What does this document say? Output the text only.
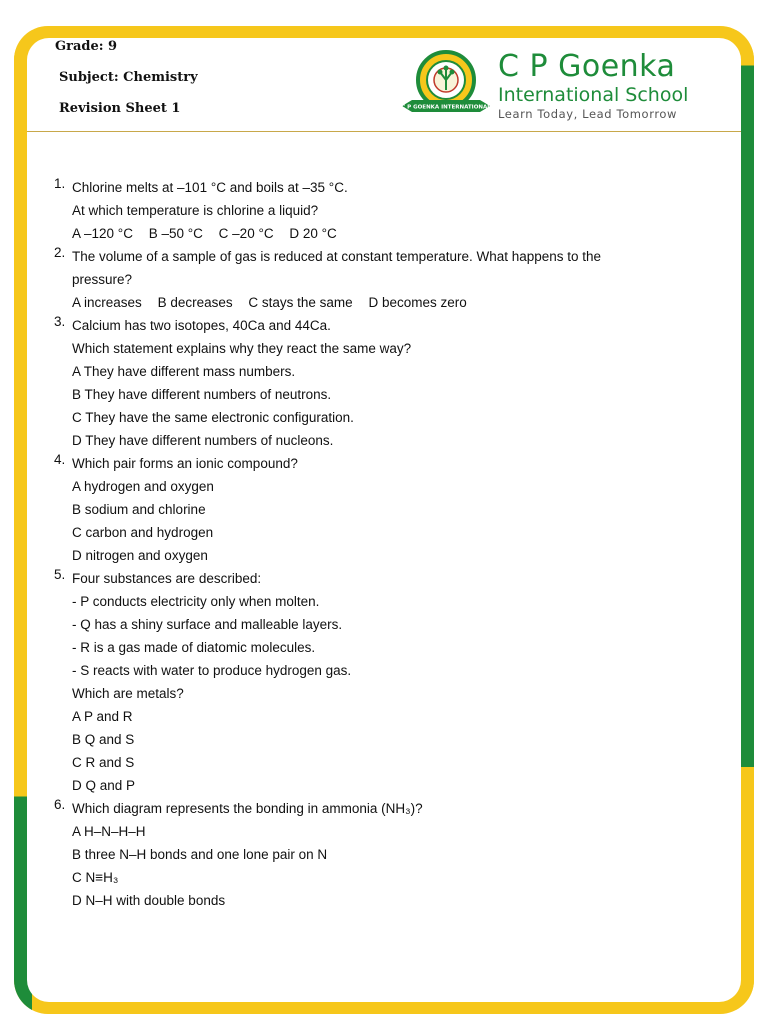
Grade: 9
Subject: Chemistry
Revision Sheet 1	C P GOENKA INTERNATIONAL
C P Goenka
International School
Learn Today, Lead Tomorrow
1. Chlorine melts at –101 °C and boils at –35 °C.
At which temperature is chlorine a liquid?
A –120 °C B –50 °C C –20 °C D 20 °C
2. The volume of a sample of gas is reduced at constant temperature. What happens to the
pressure?
A increases B decreases C stays the same D becomes zero
3. Calcium has two isotopes, 40Ca and 44Ca.
Which statement explains why they react the same way?
A They have different mass numbers.
B They have different numbers of neutrons.
C They have the same electronic configuration.
D They have different numbers of nucleons.
4. Which pair forms an ionic compound?
A hydrogen and oxygen
B sodium and chlorine
C carbon and hydrogen
D nitrogen and oxygen
5. Four substances are described:
- P conducts electricity only when molten.
- Q has a shiny surface and malleable layers.
- R is a gas made of diatomic molecules.
- S reacts with water to produce hydrogen gas.
Which are metals?
A P and R
B Q and S
C R and S
D Q and P
6. Which diagram represents the bonding in ammonia (NH₃)?
A H–N–H–H
B three N–H bonds and one lone pair on N
C N≡H₃
D N–H with double bonds
